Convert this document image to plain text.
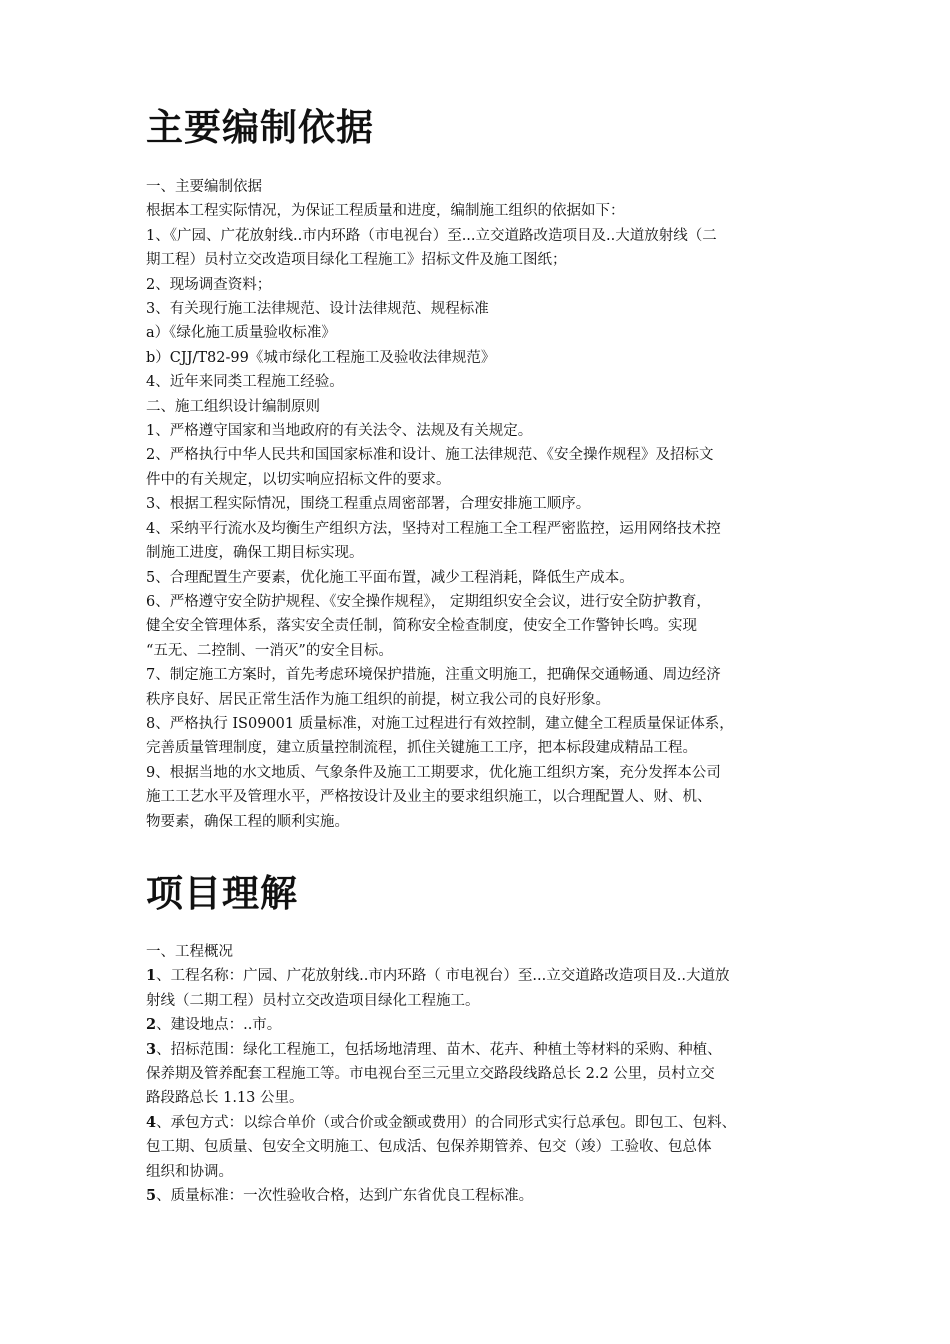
主要编制依据
一、主要编制依据
根据本工程实际情况，为保证工程质量和进度，编制施工组织的依据如下：
1、《广园、广花放射线..市内环路（市电视台）至...立交道路改造项目及..大道放射线（二
期工程）员村立交改造项目绿化工程施工》招标文件及施工图纸；
2、现场调查资料；
3、有关现行施工法律规范、设计法律规范、规程标准
a）《绿化施工质量验收标准》
b）CJJ/T82-99《城市绿化工程施工及验收法律规范》
4、近年来同类工程施工经验。
二、施工组织设计编制原则
1、严格遵守国家和当地政府的有关法令、法规及有关规定。
2、严格执行中华人民共和国国家标准和设计、施工法律规范、《安全操作规程》及招标文
件中的有关规定，以切实响应招标文件的要求。
3、根据工程实际情况，围绕工程重点周密部署，合理安排施工顺序。
4、采纳平行流水及均衡生产组织方法，坚持对工程施工全工程严密监控，运用网络技术控
制施工进度，确保工期目标实现。
5、合理配置生产要素，优化施工平面布置，减少工程消耗，降低生产成本。
6、严格遵守安全防护规程、《安全操作规程》， 定期组织安全会议，进行安全防护教育，
健全安全管理体系，落实安全责任制，简称安全检查制度，使安全工作警钟长鸣。实现
“五无、二控制、一消灭”的安全目标。
7、制定施工方案时，首先考虑环境保护措施，注重文明施工，把确保交通畅通、周边经济
秩序良好、居民正常生活作为施工组织的前提，树立我公司的良好形象。
8、严格执行 IS09001 质量标准，对施工过程进行有效控制，建立健全工程质量保证体系，
完善质量管理制度，建立质量控制流程，抓住关键施工工序，把本标段建成精品工程。
9、根据当地的水文地质、气象条件及施工工期要求，优化施工组织方案，充分发挥本公司
施工工艺水平及管理水平，严格按设计及业主的要求组织施工，以合理配置人、财、机、
物要素，确保工程的顺利实施。
项目理解
一、工程概况
1、工程名称：广园、广花放射线..市内环路（ 市电视台）至...立交道路改造项目及..大道放
射线（二期工程）员村立交改造项目绿化工程施工。
2、建设地点：..市。
3、招标范围：绿化工程施工，包括场地清理、苗木、花卉、种植土等材料的采购、种植、
保养期及管养配套工程施工等。市电视台至三元里立交路段线路总长 2.2 公里，员村立交
路段路总长 1.13 公里。
4、承包方式：以综合单价（或合价或金额或费用）的合同形式实行总承包。即包工、包料、
包工期、包质量、包安全文明施工、包成活、包保养期管养、包交（竣）工验收、包总体
组织和协调。
5、质量标准：一次性验收合格，达到广东省优良工程标准。
